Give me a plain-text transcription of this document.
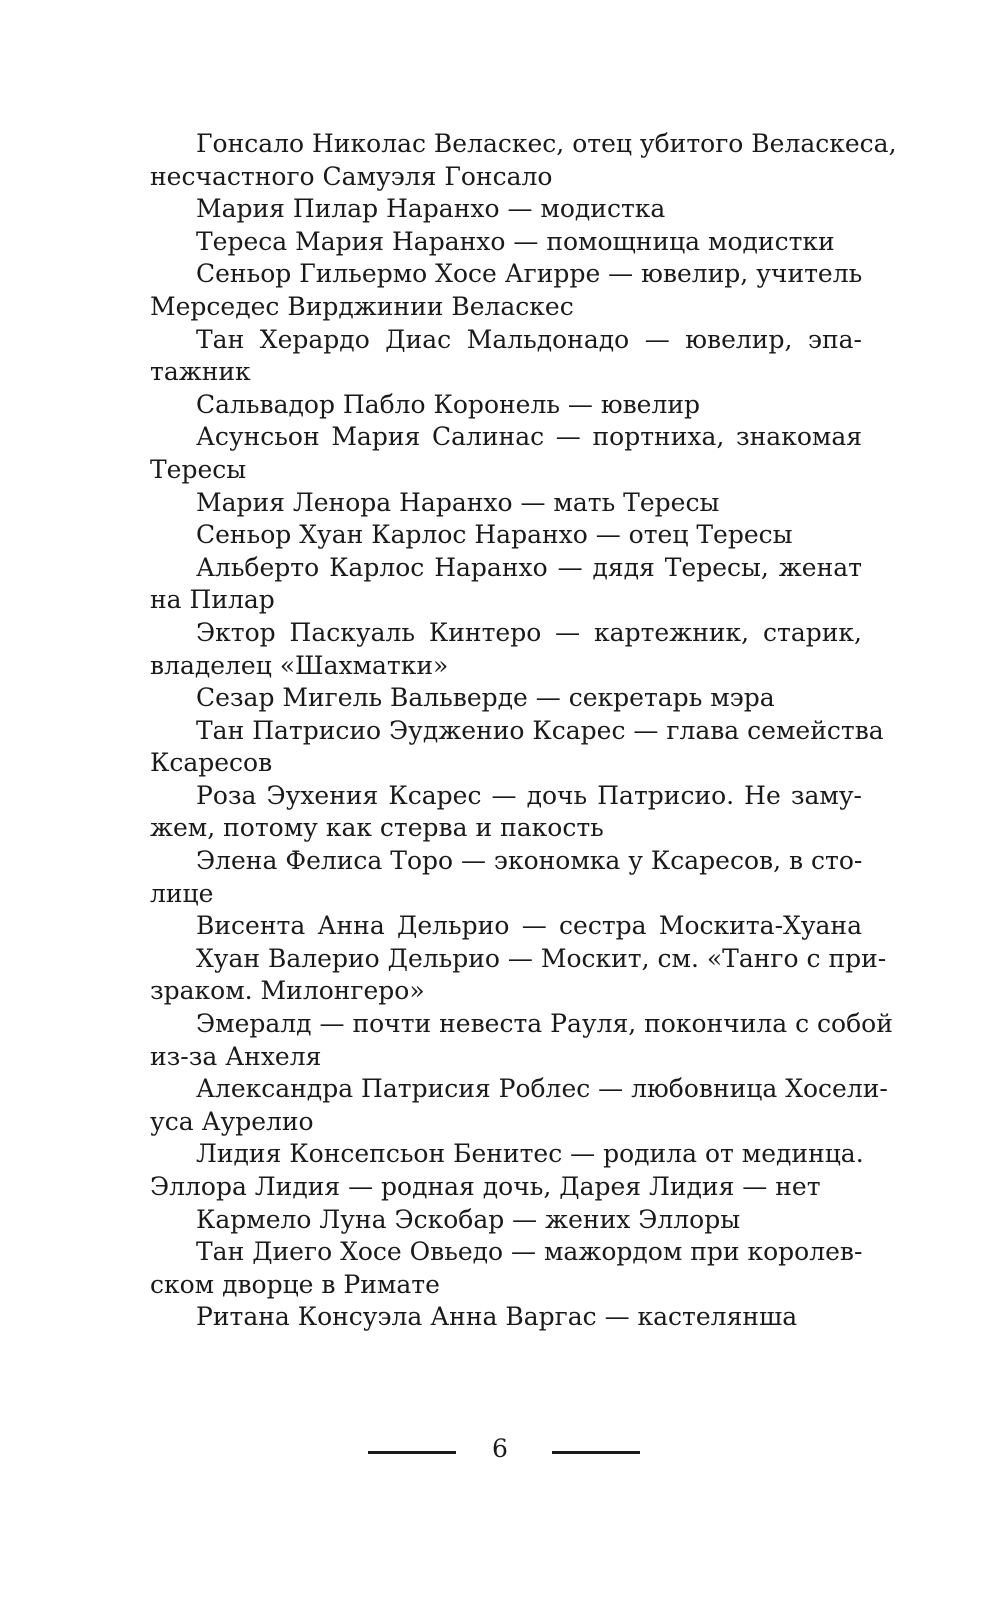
Гонсало Николас Веласкес, отец убитого Веласкеса,
несчастного Самуэля Гонсало
Мария Пилар Наранхо — модистка
Тереса Мария Наранхо — помощница модистки
Сеньор Гильермо Хосе Агирре — ювелир, учитель
Мерседес Вирджинии Веласкес
Тан Херардо Диас Мальдонадо — ювелир, эпа-
тажник
Сальвадор Пабло Коронель — ювелир
Асунсьон Мария Салинас — портниха, знакомая
Тересы
Мария Ленора Наранхо — мать Тересы
Сеньор Хуан Карлос Наранхо — отец Тересы
Альберто Карлос Наранхо — дядя Тересы, женат
на Пилар
Эктор Паскуаль Кинтеро — картежник, старик,
владелец «Шахматки»
Сезар Мигель Вальверде — секретарь мэра
Тан Патрисио Эудженио Ксарес — глава семейства
Ксаресов
Роза Эухения Ксарес — дочь Патрисио. Не заму-
жем, потому как стерва и пакость
Элена Фелиса Торо — экономка у Ксаресов, в сто-
лице
Висента Анна Дельрио — сестра Москита-Хуана
Хуан Валерио Дельрио — Москит, см. «Танго с при-
зраком. Милонгеро»
Эмералд — почти невеста Рауля, покончила с собой
из-за Анхеля
Александра Патрисия Роблес — любовница Хосели-
уса Аурелио
Лидия Консепсьон Бенитес — родила от мединца.
Эллора Лидия — родная дочь, Дарея Лидия — нет
Кармело Луна Эскобар — жених Эллоры
Тан Диего Хосе Овьедо — мажордом при королев-
ском дворце в Римате
Ритана Консуэла Анна Варгас — кастелянша
6
